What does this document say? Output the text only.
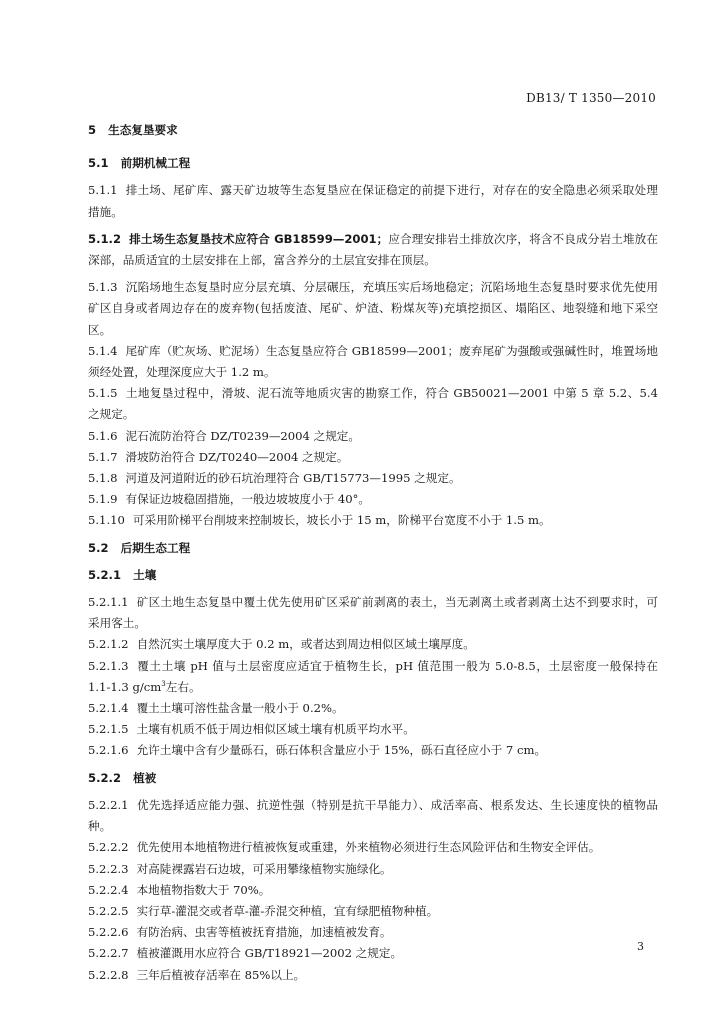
DB13/ T 1350—2010
5 生态复垦要求
5.1 前期机械工程
5.1.1 排土场、尾矿库、露天矿边坡等生态复垦应在保证稳定的前提下进行，对存在的安全隐患必须采取处理措施。
5.1.2 排土场生态复垦技术应符合 GB18599—2001；应合理安排岩土排放次序，将含不良成分岩土堆放在深部，品质适宜的土层安排在上部，富含养分的土层宜安排在顶层。
5.1.3 沉陷场地生态复垦时应分层充填、分层碾压，充填压实后场地稳定；沉陷场地生态复垦时要求优先使用矿区自身或者周边存在的废弃物(包括废渣、尾矿、炉渣、粉煤灰等)充填挖损区、塌陷区、地裂缝和地下采空区。
5.1.4 尾矿库（贮灰场、贮泥场）生态复垦应符合 GB18599—2001；废弃尾矿为强酸或强碱性时，堆置场地须经处置，处理深度应大于 1.2 m。
5.1.5 土地复垦过程中，滑坡、泥石流等地质灾害的勘察工作，符合 GB50021—2001 中第 5 章 5.2、5.4 之规定。
5.1.6 泥石流防治符合 DZ/T0239—2004 之规定。
5.1.7 滑坡防治符合 DZ/T0240—2004 之规定。
5.1.8 河道及河道附近的砂石坑治理符合 GB/T15773—1995 之规定。
5.1.9 有保证边坡稳固措施，一般边坡坡度小于 40°。
5.1.10 可采用阶梯平台削坡来控制坡长，坡长小于 15 m，阶梯平台宽度不小于 1.5 m。
5.2 后期生态工程
5.2.1 土壤
5.2.1.1 矿区土地生态复垦中覆土优先使用矿区采矿前剥离的表土，当无剥离土或者剥离土达不到要求时，可采用客土。
5.2.1.2 自然沉实土壤厚度大于 0.2 m，或者达到周边相似区域土壤厚度。
5.2.1.3 覆土土壤 pH 值与土层密度应适宜于植物生长，pH 值范围一般为 5.0-8.5，土层密度一般保持在 1.1-1.3 $g/cm^3$左右。
5.2.1.4 覆土土壤可溶性盐含量一般小于 0.2%。
5.2.1.5 土壤有机质不低于周边相似区域土壤有机质平均水平。
5.2.1.6 允许土壤中含有少量砾石，砾石体积含量应小于 15%，砾石直径应小于 7 cm。
5.2.2 植被
5.2.2.1 优先选择适应能力强、抗逆性强（特别是抗干旱能力）、成活率高、根系发达、生长速度快的植物品种。
5.2.2.2 优先使用本地植物进行植被恢复或重建，外来植物必须进行生态风险评估和生物安全评估。
5.2.2.3 对高陡裸露岩石边坡，可采用攀缘植物实施绿化。
5.2.2.4 本地植物指数大于 70%。
5.2.2.5 实行草-灌混交或者草-灌-乔混交种植，宜有绿肥植物种植。
5.2.2.6 有防治病、虫害等植被抚育措施，加速植被发育。
5.2.2.7 植被灌溉用水应符合 GB/T18921—2002 之规定。
5.2.2.8 三年后植被存活率在 85%以上。
3
